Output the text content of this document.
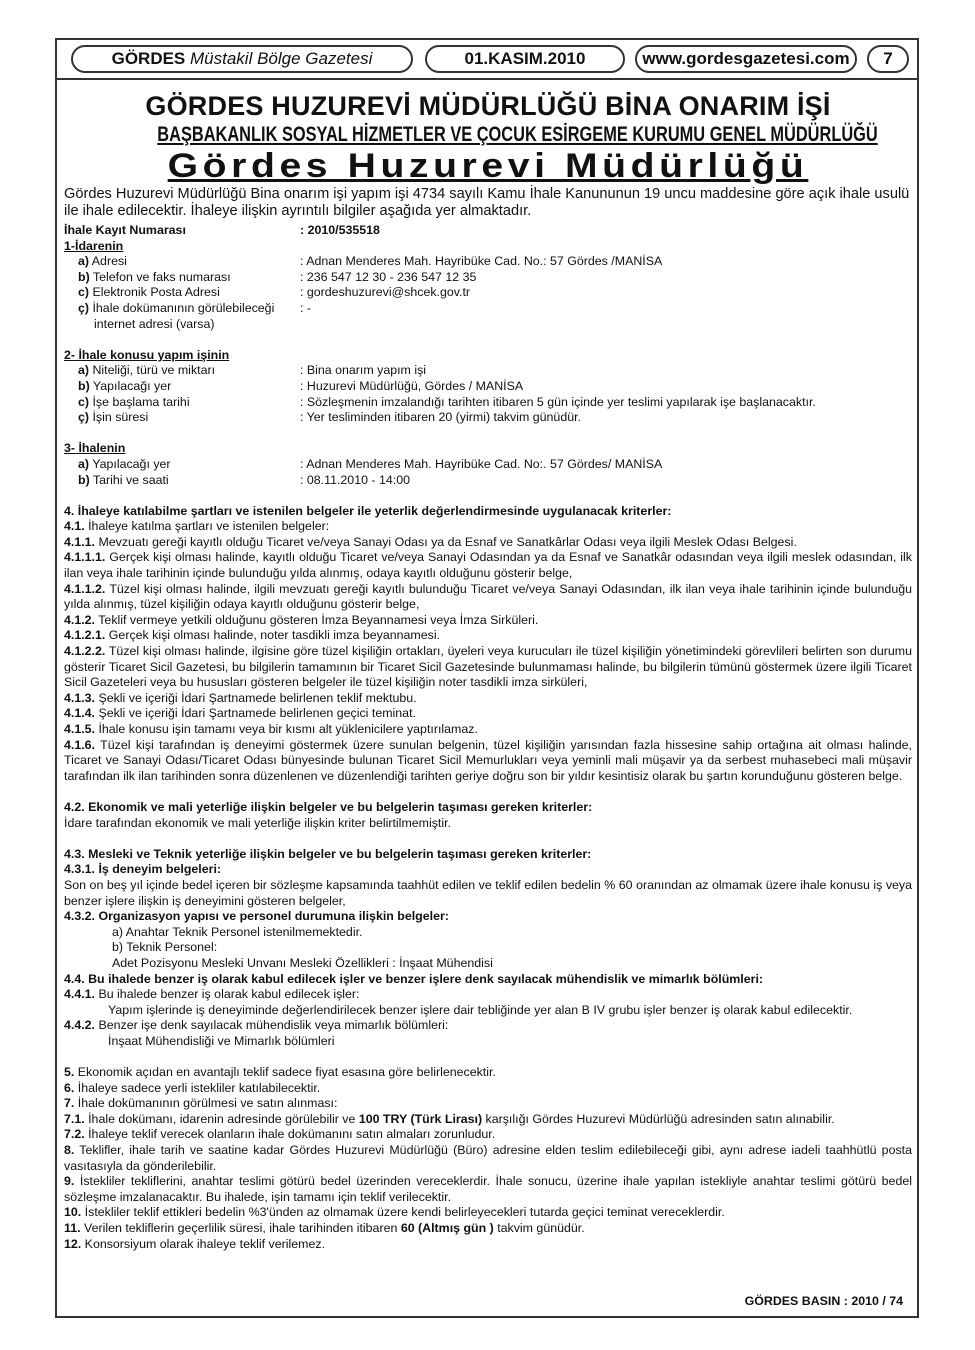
GÖRDES Müstakil Bölge Gazetesi	01.KASIM.2010	www.gordesgazetesi.com	7
GÖRDES HUZUREVİ MÜDÜRLÜĞÜ BİNA ONARIM İŞİ
BAŞBAKANLIK SOSYAL HİZMETLER VE ÇOCUK ESİRGEME KURUMU GENEL MÜDÜRLÜĞÜ
Gördes Huzurevi Müdürlüğü

Gördes Huzurevi Müdürlüğü Bina onarım işi yapım işi 4734 sayılı Kamu İhale Kanununun 19 uncu maddesine göre açık ihale usulü ile ihale edilecektir. İhaleye ilişkin ayrıntılı bilgiler aşağıda yer almaktadır.

İhale Kayıt Numarası	: 2010/535518
1-İdarenin
a) Adresi	: Adnan Menderes Mah. Hayribüke Cad. No.: 57 Gördes /MANİSA
b) Telefon ve faks numarası	: 236 547 12 30 - 236 547 12 35
c) Elektronik Posta Adresi	: gordeshuzurevi@shcek.gov.tr
ç) İhale dokümanının görülebileceği	: -
internet adresi (varsa)
2- İhale konusu yapım işinin
a) Niteliği, türü ve miktarı	: Bina onarım yapım işi
b) Yapılacağı yer	: Huzurevi Müdürlüğü, Gördes / MANİSA
c) İşe başlama tarihi	: Sözleşmenin imzalandığı tarihten itibaren 5 gün içinde yer teslimi yapılarak işe başlanacaktır.
ç) İşin süresi	: Yer tesliminden itibaren 20 (yirmi) takvim günüdür.
3- İhalenin
a) Yapılacağı yer	: Adnan Menderes Mah. Hayribüke Cad. No:. 57 Gördes/ MANİSA
b) Tarihi ve saati	: 08.11.2010 - 14:00
4. İhaleye katılabilme şartları ve istenilen belgeler ile yeterlik değerlendirmesinde uygulanacak kriterler:
4.1. İhaleye katılma şartları ve istenilen belgeler:
4.1.1. Mevzuatı gereği kayıtlı olduğu Ticaret ve/veya Sanayi Odası ya da Esnaf ve Sanatkârlar Odası veya ilgili Meslek Odası Belgesi.
4.1.1.1. Gerçek kişi olması halinde, kayıtlı olduğu Ticaret ve/veya Sanayi Odasından ya da Esnaf ve Sanatkâr odasından veya ilgili meslek odasından, ilk ilan veya ihale tarihinin içinde bulunduğu yılda alınmış, odaya kayıtlı olduğunu gösterir belge,
4.1.1.2. Tüzel kişi olması halinde, ilgili mevzuatı gereği kayıtlı bulunduğu Ticaret ve/veya Sanayi Odasından, ilk ilan veya ihale tarihinin içinde bulunduğu yılda alınmış, tüzel kişiliğin odaya kayıtlı olduğunu gösterir belge,
4.1.2. Teklif vermeye yetkili olduğunu gösteren İmza Beyannamesi veya İmza Sirküleri.
4.1.2.1. Gerçek kişi olması halinde, noter tasdikli imza beyannamesi.
4.1.2.2. Tüzel kişi olması halinde, ilgisine göre tüzel kişiliğin ortakları, üyeleri veya kurucuları ile tüzel kişiliğin yönetimindeki görevlileri belirten son durumu gösterir Ticaret Sicil Gazetesi, bu bilgilerin tamamının bir Ticaret Sicil Gazetesinde bulunmaması halinde, bu bilgilerin tümünü göstermek üzere ilgili Ticaret Sicil Gazeteleri veya bu hususları gösteren belgeler ile tüzel kişiliğin noter tasdikli imza sirküleri,
4.1.3. Şekli ve içeriği İdari Şartnamede belirlenen teklif mektubu.
4.1.4. Şekli ve içeriği İdari Şartnamede belirlenen geçici teminat.
4.1.5. İhale konusu işin tamamı veya bir kısmı alt yüklenicilere yaptırılamaz.
4.1.6. Tüzel kişi tarafından iş deneyimi göstermek üzere sunulan belgenin, tüzel kişiliğin yarısından fazla hissesine sahip ortağına ait olması halinde, Ticaret ve Sanayi Odası/Ticaret Odası bünyesinde bulunan Ticaret Sicil Memurlukları veya yeminli mali müşavir ya da serbest muhasebeci mali müşavir tarafından ilk ilan tarihinden sonra düzenlenen ve düzenlendiği tarihten geriye doğru son bir yıldır kesintisiz olarak bu şartın korunduğunu gösteren belge.
4.2. Ekonomik ve mali yeterliğe ilişkin belgeler ve bu belgelerin taşıması gereken kriterler:
İdare tarafından ekonomik ve mali yeterliğe ilişkin kriter belirtilmemiştir.
4.3. Mesleki ve Teknik yeterliğe ilişkin belgeler ve bu belgelerin taşıması gereken kriterler:
4.3.1. İş deneyim belgeleri:
Son on beş yıl içinde bedel içeren bir sözleşme kapsamında taahhüt edilen ve teklif edilen bedelin % 60 oranından az olmamak üzere ihale konusu iş veya benzer işlere ilişkin iş deneyimini gösteren belgeler,
4.3.2. Organizasyon yapısı ve personel durumuna ilişkin belgeler:
a) Anahtar Teknik Personel istenilmemektedir.
b) Teknik Personel:
Adet Pozisyonu Mesleki Unvanı Mesleki Özellikleri : İnşaat Mühendisi
4.4. Bu ihalede benzer iş olarak kabul edilecek işler ve benzer işlere denk sayılacak mühendislik ve mimarlık bölümleri:
4.4.1. Bu ihalede benzer iş olarak kabul edilecek işler:
Yapım işlerinde iş deneyiminde değerlendirilecek benzer işlere dair tebliğinde yer alan B IV grubu işler benzer iş olarak kabul edilecektir.
4.4.2. Benzer işe denk sayılacak mühendislik veya mimarlık bölümleri:
İnşaat Mühendisliği ve Mimarlık bölümleri
5. Ekonomik açıdan en avantajlı teklif sadece fiyat esasına göre belirlenecektir.
6. İhaleye sadece yerli istekliler katılabilecektir.
7. İhale dokümanının görülmesi ve satın alınması:
7.1. İhale dokümanı, idarenin adresinde görülebilir ve 100 TRY (Türk Lirası) karşılığı Gördes Huzurevi Müdürlüğü adresinden satın alınabilir.
7.2. İhaleye teklif verecek olanların ihale dokümanını satın almaları zorunludur.
8. Teklifler, ihale tarih ve saatine kadar Gördes Huzurevi Müdürlüğü (Büro) adresine elden teslim edilebileceği gibi, aynı adrese iadeli taahhütlü posta vasıtasıyla da gönderilebilir.
9. İstekliler tekliflerini, anahtar teslimi götürü bedel üzerinden vereceklerdir. İhale sonucu, üzerine ihale yapılan istekliyle anahtar teslimi götürü bedel sözleşme imzalanacaktır. Bu ihalede, işin tamamı için teklif verilecektir.
10. İstekliler teklif ettikleri bedelin %3'ünden az olmamak üzere kendi belirleyecekleri tutarda geçici teminat vereceklerdir.
11. Verilen tekliflerin geçerlilik süresi, ihale tarihinden itibaren 60 (Altmış gün ) takvim günüdür.
12. Konsorsiyum olarak ihaleye teklif verilemez.
GÖRDES BASIN : 2010 / 74
